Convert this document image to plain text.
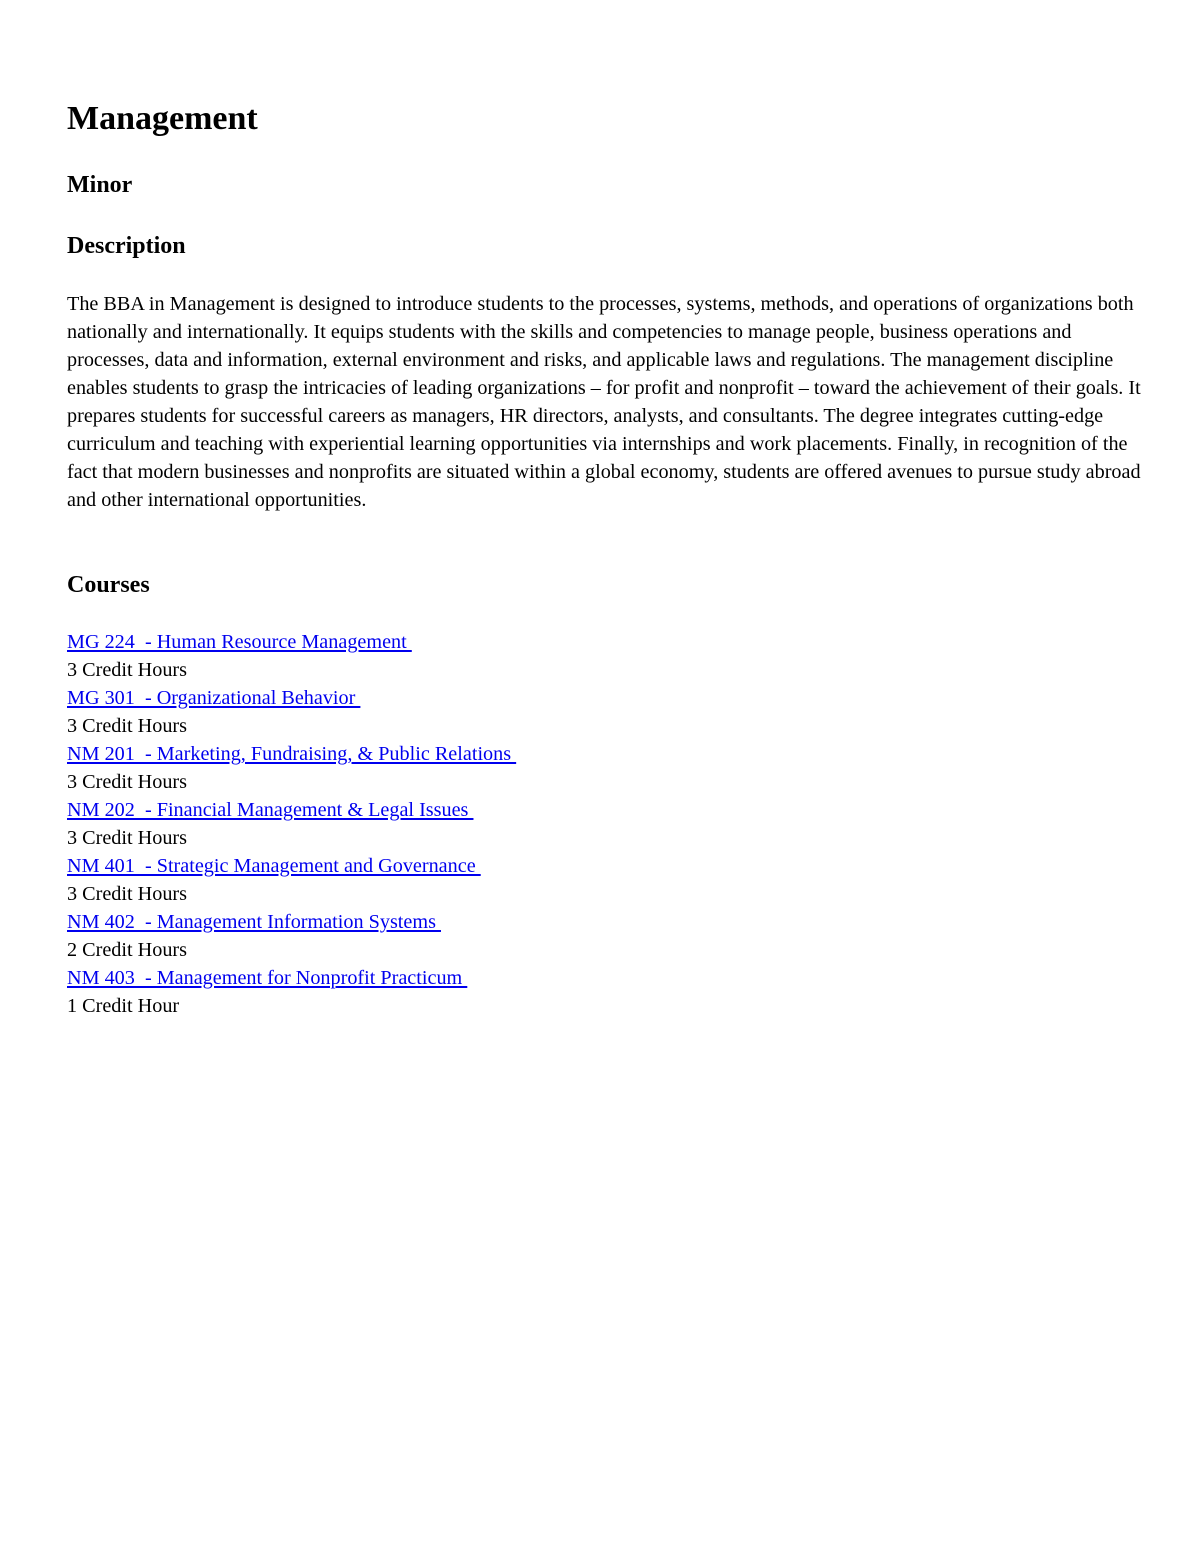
Management
Minor
Description

The BBA in Management is designed to introduce students to the processes, systems, methods, and operations of organizations both nationally and internationally. It equips students with the skills and competencies to manage people, business operations and processes, data and information, external environment and risks, and applicable laws and regulations. The management discipline enables students to grasp the intricacies of leading organizations – for profit and nonprofit – toward the achievement of their goals. It prepares students for successful careers as managers, HR directors, analysts, and consultants. The degree integrates cutting-edge curriculum and teaching with experiential learning opportunities via internships and work placements. Finally, in recognition of the fact that modern businesses and nonprofits are situated within a global economy, students are offered avenues to pursue study abroad and other international opportunities.

Courses
MG 224  - Human Resource Management
3 Credit Hours
MG 301  - Organizational Behavior
3 Credit Hours
NM 201  - Marketing, Fundraising, & Public Relations
3 Credit Hours
NM 202  - Financial Management & Legal Issues
3 Credit Hours
NM 401  - Strategic Management and Governance
3 Credit Hours
NM 402  - Management Information Systems
2 Credit Hours
NM 403  - Management for Nonprofit Practicum
1 Credit Hour
